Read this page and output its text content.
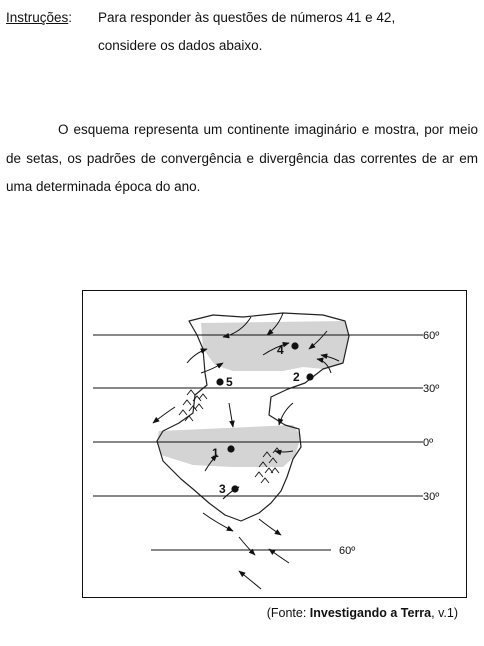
Instruções:	Para responder às questões de números 41 e 42,
considere os dados abaixo.
O esquema representa um continente imaginário e mostra, por meio de setas, os padrões de convergência e divergência das correntes de ar em uma determinada época do ano.
60º
30º
0º
30º
60º
4
2
5
1
3
(Fonte: Investigando a Terra, v.1)
